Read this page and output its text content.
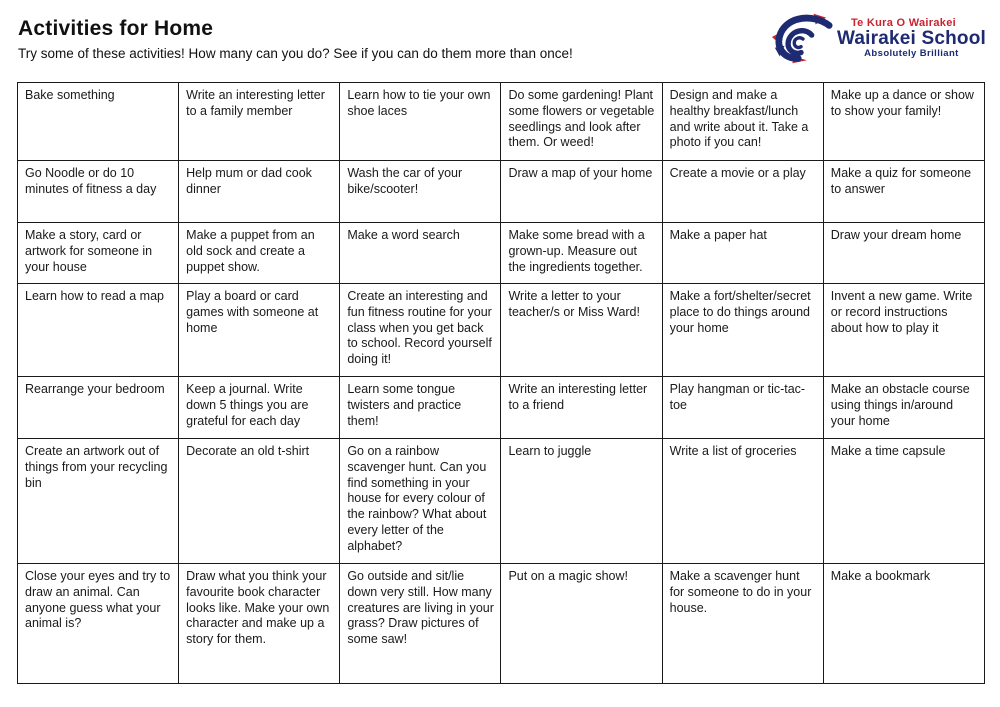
Activities for Home
Try some of these activities! How many can you do? See if you can do them more than once!
Te Kura O Wairakei
Wairakei School
Absolutely Brilliant
Bake something	Write an interesting letter to a family member	Learn how to tie your own shoe laces	Do some gardening! Plant some flowers or vegetable seedlings and look after them. Or weed!	Design and make a healthy breakfast/lunch and write about it. Take a photo if you can!	Make up a dance or show to show your family!
Go Noodle or do 10 minutes of fitness a day	Help mum or dad cook dinner	Wash the car of your bike/scooter!	Draw a map of your home	Create a movie or a play	Make a quiz for someone to answer
Make a story, card or artwork for someone in your house	Make a puppet from an old sock and create a puppet show.	Make a word search	Make some bread with a grown-up. Measure out the ingredients together.	Make a paper hat	Draw your dream home
Learn how to read a map	Play a board or card games with someone at home	Create an interesting and fun fitness routine for your class when you get back to school. Record yourself doing it!	Write a letter to your teacher/s or Miss Ward!	Make a fort/shelter/secret place to do things around your home	Invent a new game. Write or record instructions about how to play it
Rearrange your bedroom	Keep a journal. Write down 5 things you are grateful for each day	Learn some tongue twisters and practice them!	Write an interesting letter to a friend	Play hangman or tic-tac-toe	Make an obstacle course using things in/around your home
Create an artwork out of things from your recycling bin	Decorate an old t-shirt	Go on a rainbow scavenger hunt. Can you find something in your house for every colour of the rainbow? What about every letter of the alphabet?	Learn to juggle	Write a list of groceries	Make a time capsule
Close your eyes and try to draw an animal. Can anyone guess what your animal is?	Draw what you think your favourite book character looks like. Make your own character and make up a story for them.	Go outside and sit/lie down very still. How many creatures are living in your grass? Draw pictures of some saw!	Put on a magic show!	Make a scavenger hunt for someone to do in your house.	Make a bookmark
